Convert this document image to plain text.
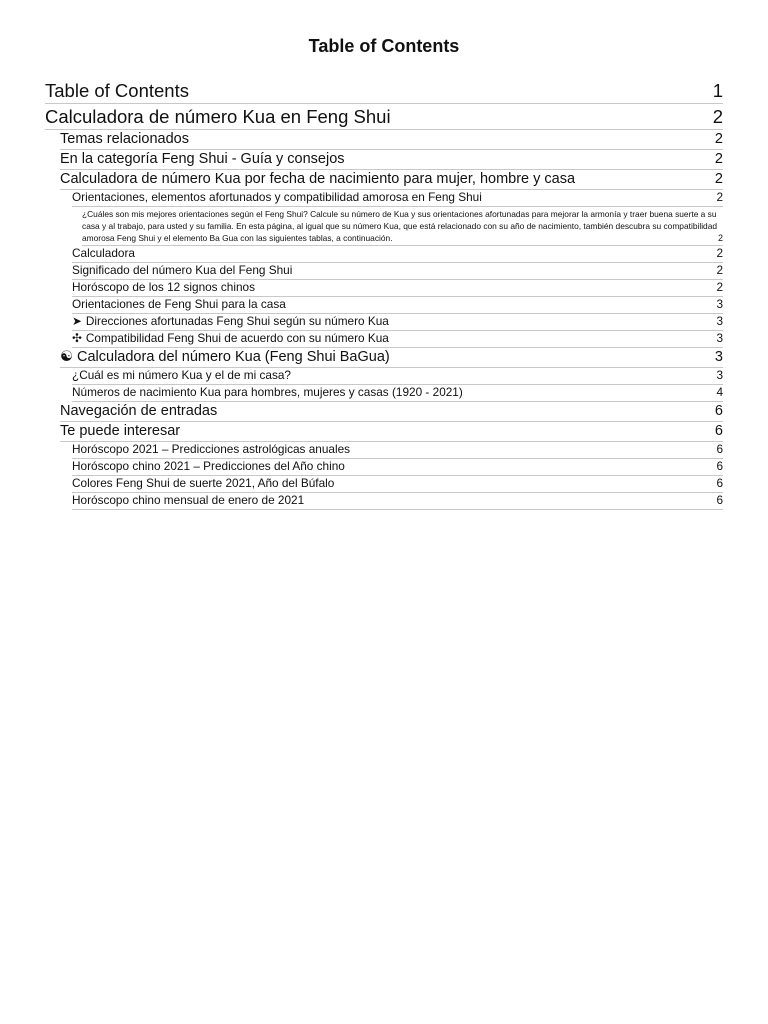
Table of Contents
Table of Contents	1
Calculadora de número Kua en Feng Shui	2
Temas relacionados	2
En la categoría Feng Shui - Guía y consejos	2
Calculadora de número Kua por fecha de nacimiento para mujer, hombre y casa	2
Orientaciones, elementos afortunados y compatibilidad amorosa en Feng Shui	2
¿Cuáles son mis mejores orientaciones según el Feng Shui? Calcule su número de Kua y sus orientaciones afortunadas para mejorar la armonía y traer buena suerte a su casa y al trabajo, para usted y su familia. En esta página, al igual que su número Kua, que está relacionado con su año de nacimiento, también descubra su compatibilidad amorosa Feng Shui y el elemento Ba Gua con las siguientes tablas, a continuación.	2
Calculadora	2
Significado del número Kua del Feng Shui	2
Horóscopo de los 12 signos chinos	2
Orientaciones de Feng Shui para la casa	3
➤ Direcciones afortunadas Feng Shui según su número Kua	3
✣ Compatibilidad Feng Shui de acuerdo con su número Kua	3
☯ Calculadora del número Kua (Feng Shui BaGua)	3
¿Cuál es mi número Kua y el de mi casa?	3
Números de nacimiento Kua para hombres, mujeres y casas (1920 - 2021)	4
Navegación de entradas	6
Te puede interesar	6
Horóscopo 2021 – Predicciones astrológicas anuales	6
Horóscopo chino 2021 – Predicciones del Año chino	6
Colores Feng Shui de suerte 2021, Año del Búfalo	6
Horóscopo chino mensual de enero de 2021	6
